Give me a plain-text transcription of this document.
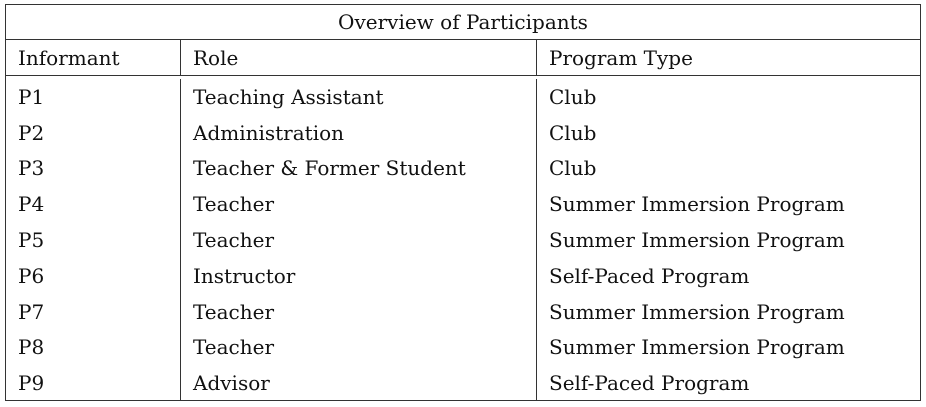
Overview of Participants
Informant	Role	Program Type
P1	Teaching Assistant	Club
P2	Administration	Club
P3	Teacher & Former Student	Club
P4	Teacher	Summer Immersion Program
P5	Teacher	Summer Immersion Program
P6	Instructor	Self-Paced Program
P7	Teacher	Summer Immersion Program
P8	Teacher	Summer Immersion Program
P9	Advisor	Self-Paced Program
